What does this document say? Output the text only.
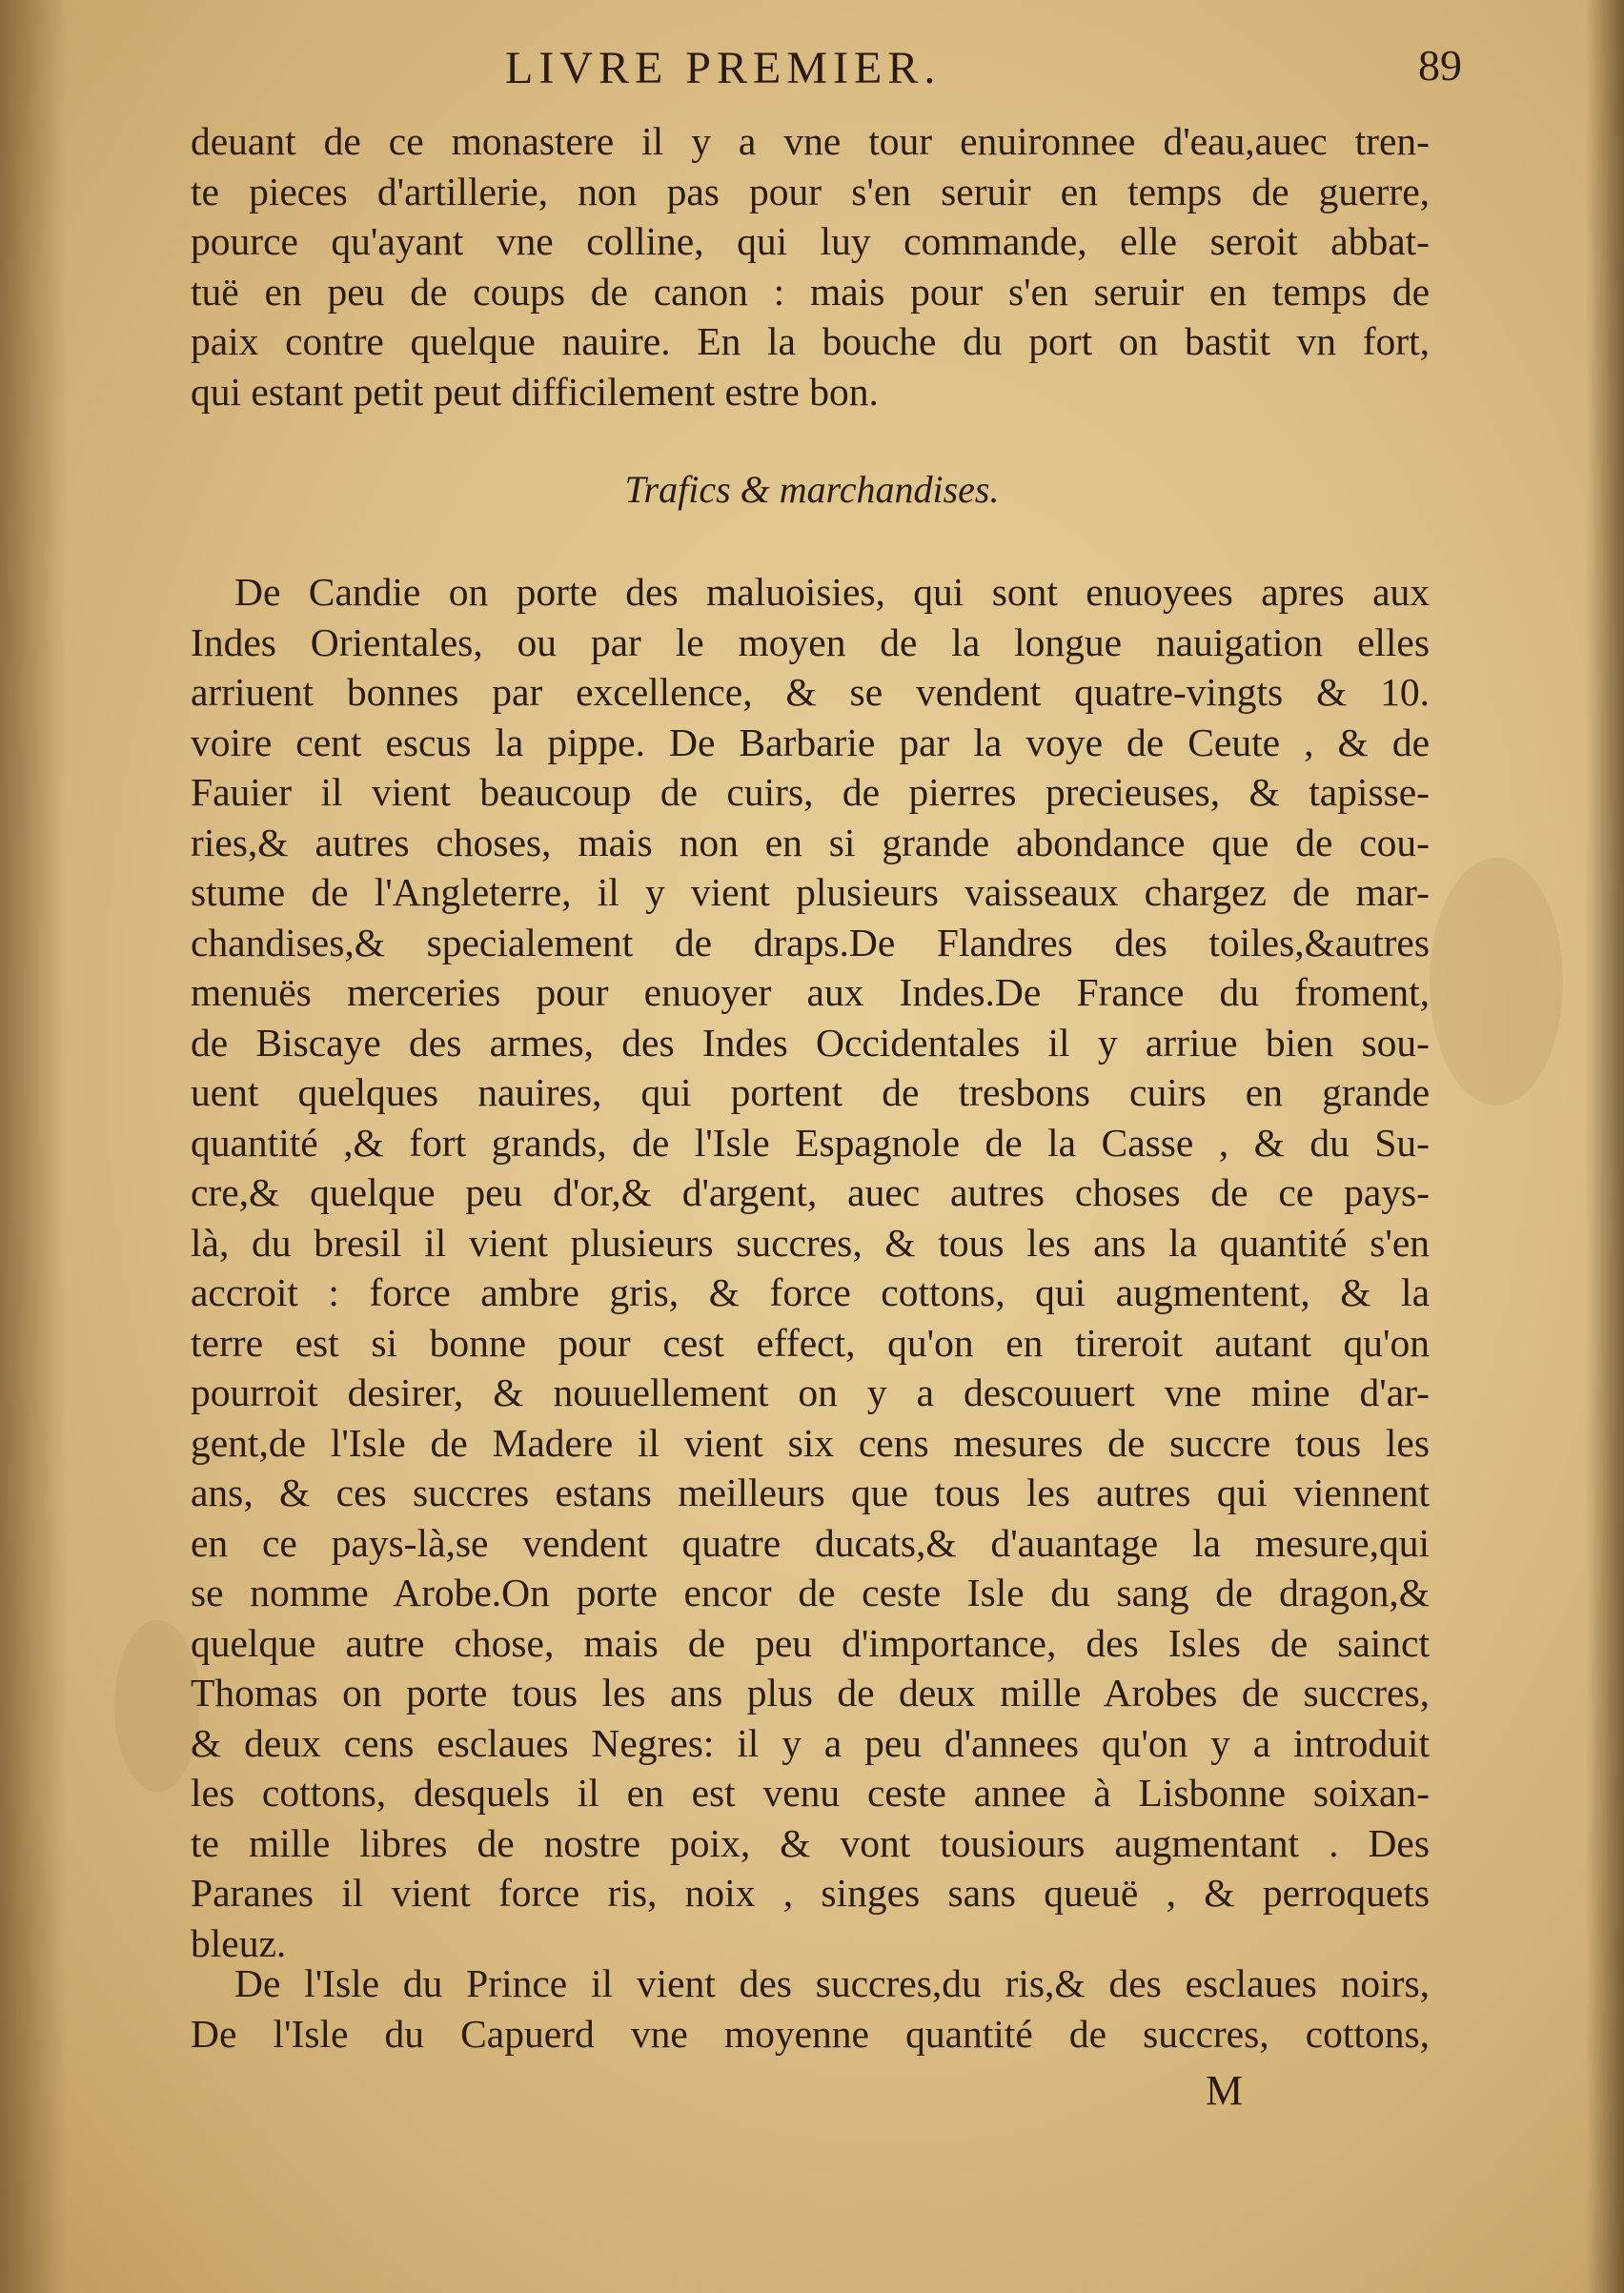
LIVRE PREMIER.	89
deuant de ce monastere il y a vne tour enuironnee d'eau,auec tren-
te pieces d'artillerie, non pas pour s'en seruir en temps de guerre,
pource qu'ayant vne colline, qui luy commande, elle seroit abbat-
tuë en peu de coups de canon : mais pour s'en seruir en temps de
paix contre quelque nauire. En la bouche du port on bastit vn fort,
qui estant petit peut difficilement estre bon.
Trafics & marchandises.
De Candie on porte des maluoisies, qui sont enuoyees apres aux
Indes Orientales, ou par le moyen de la longue nauigation elles
arriuent bonnes par excellence, & se vendent quatre-vingts & 10.
voire cent escus la pippe. De Barbarie par la voye de Ceute , & de
Fauier il vient beaucoup de cuirs, de pierres precieuses, & tapisse-
ries,& autres choses, mais non en si grande abondance que de cou-
stume de l'Angleterre, il y vient plusieurs vaisseaux chargez de mar-
chandises,& specialement de draps.De Flandres des toiles,&autres
menuës merceries pour enuoyer aux Indes.De France du froment,
de Biscaye des armes, des Indes Occidentales il y arriue bien sou-
uent quelques nauires, qui portent de tresbons cuirs en grande
quantité ,& fort grands, de l'Isle Espagnole de la Casse , & du Su-
cre,& quelque peu d'or,& d'argent, auec autres choses de ce pays-
là, du bresil il vient plusieurs succres, & tous les ans la quantité s'en
accroit : force ambre gris, & force cottons, qui augmentent, & la
terre est si bonne pour cest effect, qu'on en tireroit autant qu'on
pourroit desirer, & nouuellement on y a descouuert vne mine d'ar-
gent,de l'Isle de Madere il vient six cens mesures de succre tous les
ans, & ces succres estans meilleurs que tous les autres qui viennent
en ce pays-là,se vendent quatre ducats,& d'auantage la mesure,qui
se nomme Arobe.On porte encor de ceste Isle du sang de dragon,&
quelque autre chose, mais de peu d'importance, des Isles de sainct
Thomas on porte tous les ans plus de deux mille Arobes de succres,
& deux cens esclaues Negres: il y a peu d'annees qu'on y a introduit
les cottons, desquels il en est venu ceste annee à Lisbonne soixan-
te mille libres de nostre poix, & vont tousiours augmentant . Des
Paranes il vient force ris, noix , singes sans queuë , & perroquets
bleuz.
De l'Isle du Prince il vient des succres,du ris,& des esclaues noirs,
De l'Isle du Capuerd vne moyenne quantité de succres, cottons,
M
